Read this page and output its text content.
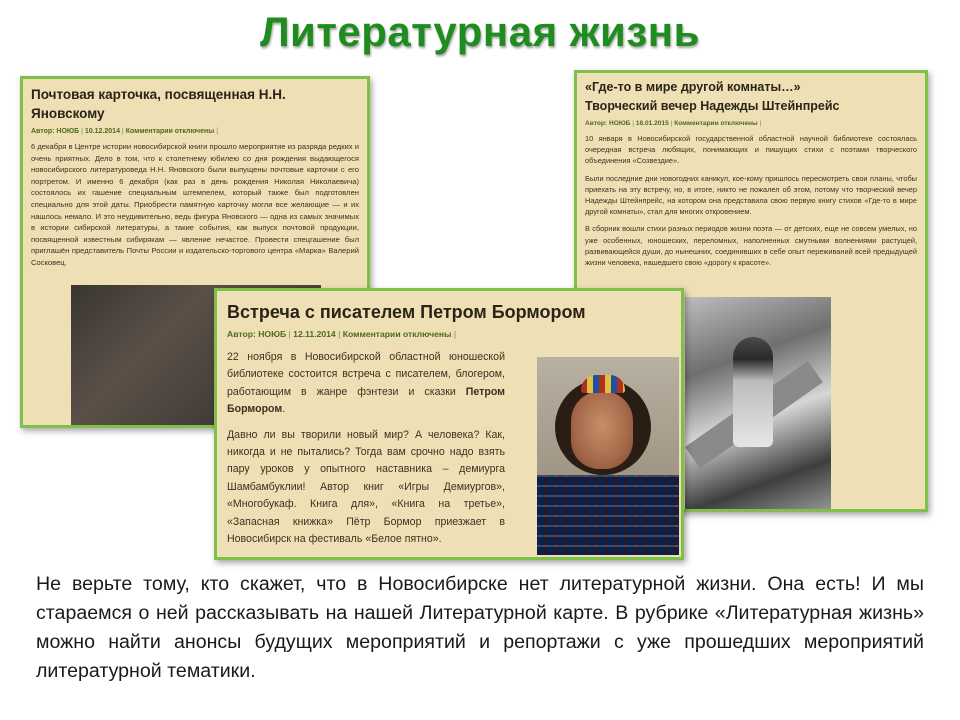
Литературная жизнь
Почтовая карточка, посвященная Н.Н. Яновскому
Автор: НОЮБ | 10.12.2014 | Комментарии отключены |

6 декабря в Центре истории новосибирской книги прошло мероприятие из разряда редких и очень приятных. Дело в том, что к столетнему юбилею со дня рождения выдающегося новосибирского литературоведа Н.Н. Яновского были выпущены почтовые карточки с его портретом. И именно 6 декабря (как раз в день рождения Николая Николаевича) состоялось их гашение специальным штемпелем, который также был подготовлен специально для этой даты. Приобрести памятную карточку могли все желающие — и их нашлось немало. И это неудивительно, ведь фигура Яновского — одна из самых значимых в истории сибирской литературы, а такие события, как выпуск почтовой продукции, посвященной известным сибирякам — явление нечастое. Провести спецгашение был приглашён представитель Почты России и издательско-торгового центра «Марка» Валерий Сосковец.

«Где-то в мире другой комнаты…»
Творческий вечер Надежды Штейнпрейс
Автор: НОЮБ | 16.01.2015 | Комментарии отключены |

10 января в Новосибирской государственной областной научной библиотеке состоялась очередная встреча любящих, понимающих и пишущих стихи с поэтами творческого объединения «Созвездие».

Были последние дни новогодних каникул, кое-кому пришлось пересмотреть свои планы, чтобы приехать на эту встречу, но, в итоге, никто не пожалел об этом, потому что творческий вечер Надежды Штейнпрейс, на котором она представила свою первую книгу стихов «Где-то в мире другой комнаты», стал для многих откровением.

В сборник вошли стихи разных периодов жизни поэта — от детских, еще не совсем умелых, но уже особенных, юношеских, переломных, наполненных смутными волнениями растущей, развивающейся души, до нынешних, соединивших в себе опыт переживаний всей предыдущей жизни человека, нашедшего свою «дорогу к красоте».

Встреча с писателем Петром Бормором
Автор: НОЮБ | 12.11.2014 | Комментарии отключены |

22 ноября в Новосибирской областной юношеской библиотеке состоится встреча с писателем, блогером, работающим в жанре фэнтези и сказки Петром Бормором.

Давно ли вы творили новый мир? А человека? Как, никогда и не пытались? Тогда вам срочно надо взять пару уроков у опытного наставника – демиурга Шамбамбуклии! Автор книг «Игры Демиургов», «Многобукаф. Книга для», «Книга на третье», «Запасная книжка» Пётр Бормор приезжает в Новосибирск на фестиваль «Белое пятно».

Не верьте тому, кто скажет, что в Новосибирске нет литературной жизни. Она есть! И мы стараемся о ней рассказывать на нашей Литературной карте. В рубрике «Литературная жизнь» можно найти анонсы будущих мероприятий и репортажи с уже прошедших мероприятий литературной тематики.
